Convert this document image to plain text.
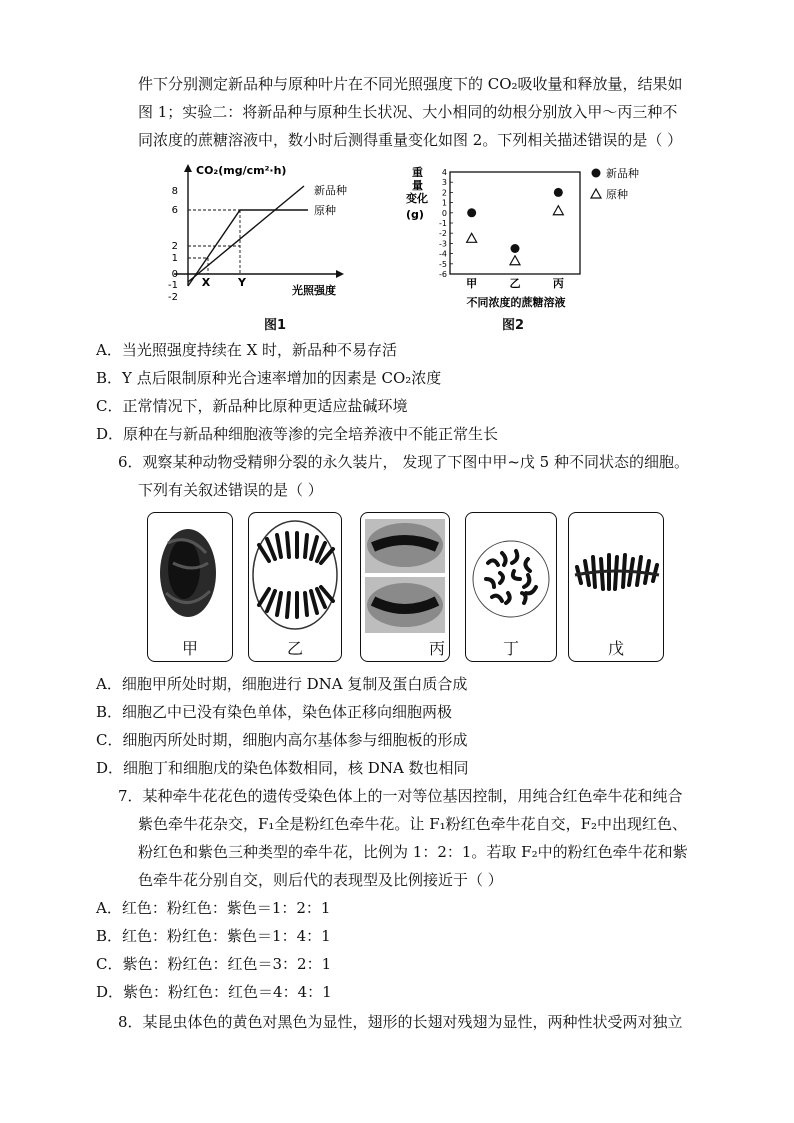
件下分别测定新品种与原种叶片在不同光照强度下的 CO₂吸收量和释放量，结果如
图 1；实验二：将新品种与原种生长状况、大小相同的幼根分别放入甲～丙三种不
同浓度的蔗糖溶液中，数小时后测得重量变化如图 2。下列相关描述错误的是（ ）
8
6
2
1
0
-1
-2
X	Y
CO₂(mg/cm²·h)
光照强度
新品种
原种
图1
重 量 变化 (g)
4
3
2
1
0
-1
-2
-3
-4
-5
-6
甲	乙	丙
不同浓度的蔗糖溶液
新品种
原种
图2
A．当光照强度持续在 X 时，新品种不易存活
B．Y 点后限制原种光合速率增加的因素是 CO₂浓度
C．正常情况下，新品种比原种更适应盐碱环境
D．原种在与新品种细胞液等渗的完全培养液中不能正常生长
6．观察某种动物受精卵分裂的永久装片， 发现了下图中甲~戊 5 种不同状态的细胞。
下列有关叙述错误的是（ ）
甲	乙	丙	丁	戊
A．细胞甲所处时期，细胞进行 DNA 复制及蛋白质合成
B．细胞乙中已没有染色单体，染色体正移向细胞两极
C．细胞丙所处时期，细胞内高尔基体参与细胞板的形成
D．细胞丁和细胞戊的染色体数相同，核 DNA 数也相同
7．某种牵牛花花色的遗传受染色体上的一对等位基因控制，用纯合红色牵牛花和纯合
紫色牵牛花杂交，F₁全是粉红色牵牛花。让 F₁粉红色牵牛花自交，F₂中出现红色、
粉红色和紫色三种类型的牵牛花，比例为 1：2：1。若取 F₂中的粉红色牵牛花和紫
色牵牛花分别自交，则后代的表现型及比例接近于（ ）
A．红色：粉红色：紫色＝1：2：1
B．红色：粉红色：紫色＝1：4：1
C．紫色：粉红色：红色＝3：2：1
D．紫色：粉红色：红色＝4：4：1
8．某昆虫体色的黄色对黑色为显性，翅形的长翅对残翅为显性，两种性状受两对独立
